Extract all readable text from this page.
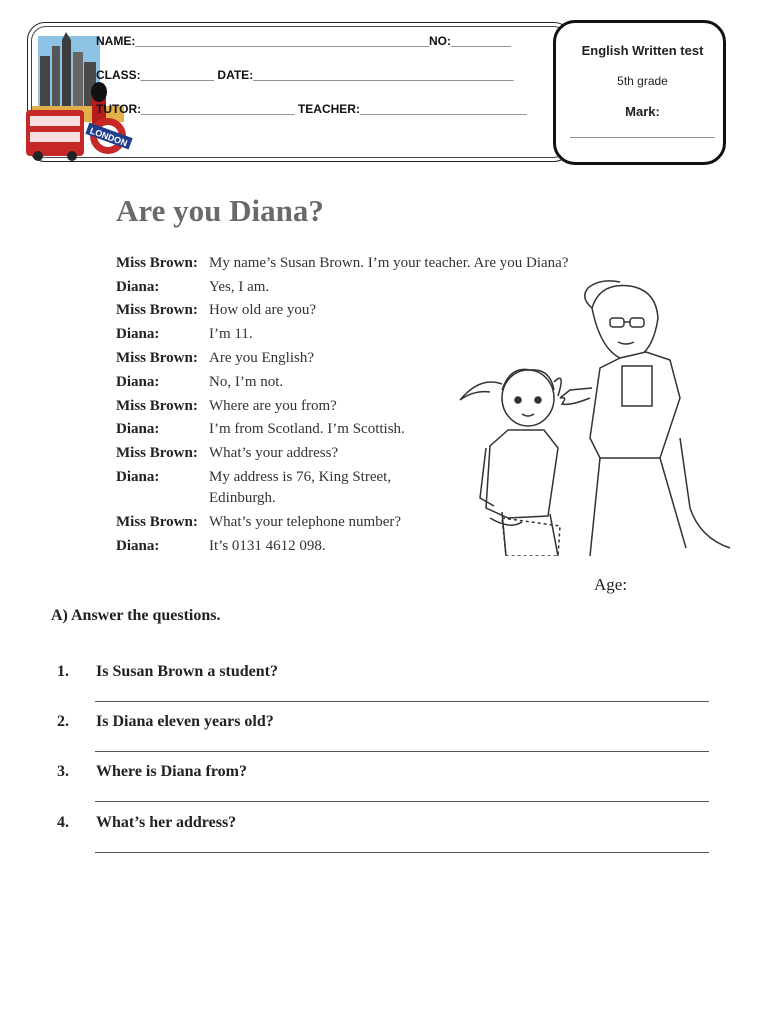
LONDON
NAME:____________________________________________NO:_________
CLASS:___________ DATE:_______________________________________
TUTOR:_______________________ TEACHER:_________________________
English Written test
5th grade
Mark:
____________________
Are you Diana?
Miss Brown: My name’s Susan Brown. I’m your teacher. Are you Diana?
Diana:	Yes, I am.
Miss Brown: How old are you?
Diana:	I’m 11.
Miss Brown: Are you English?
Diana:	No, I’m not.
Miss Brown: Where are you from?
Diana:	I’m from Scotland. I’m Scottish.
Miss Brown: What’s your address?
Diana:	My address is 76, King Street,
Edinburgh.
Miss Brown: What’s your telephone number?
Diana:	It’s 0131 4612 098.
Age:
A) Answer the questions.
1. Is Susan Brown a student?
2. Is Diana eleven years old?
3. Where is Diana from?
4. What’s her address?
